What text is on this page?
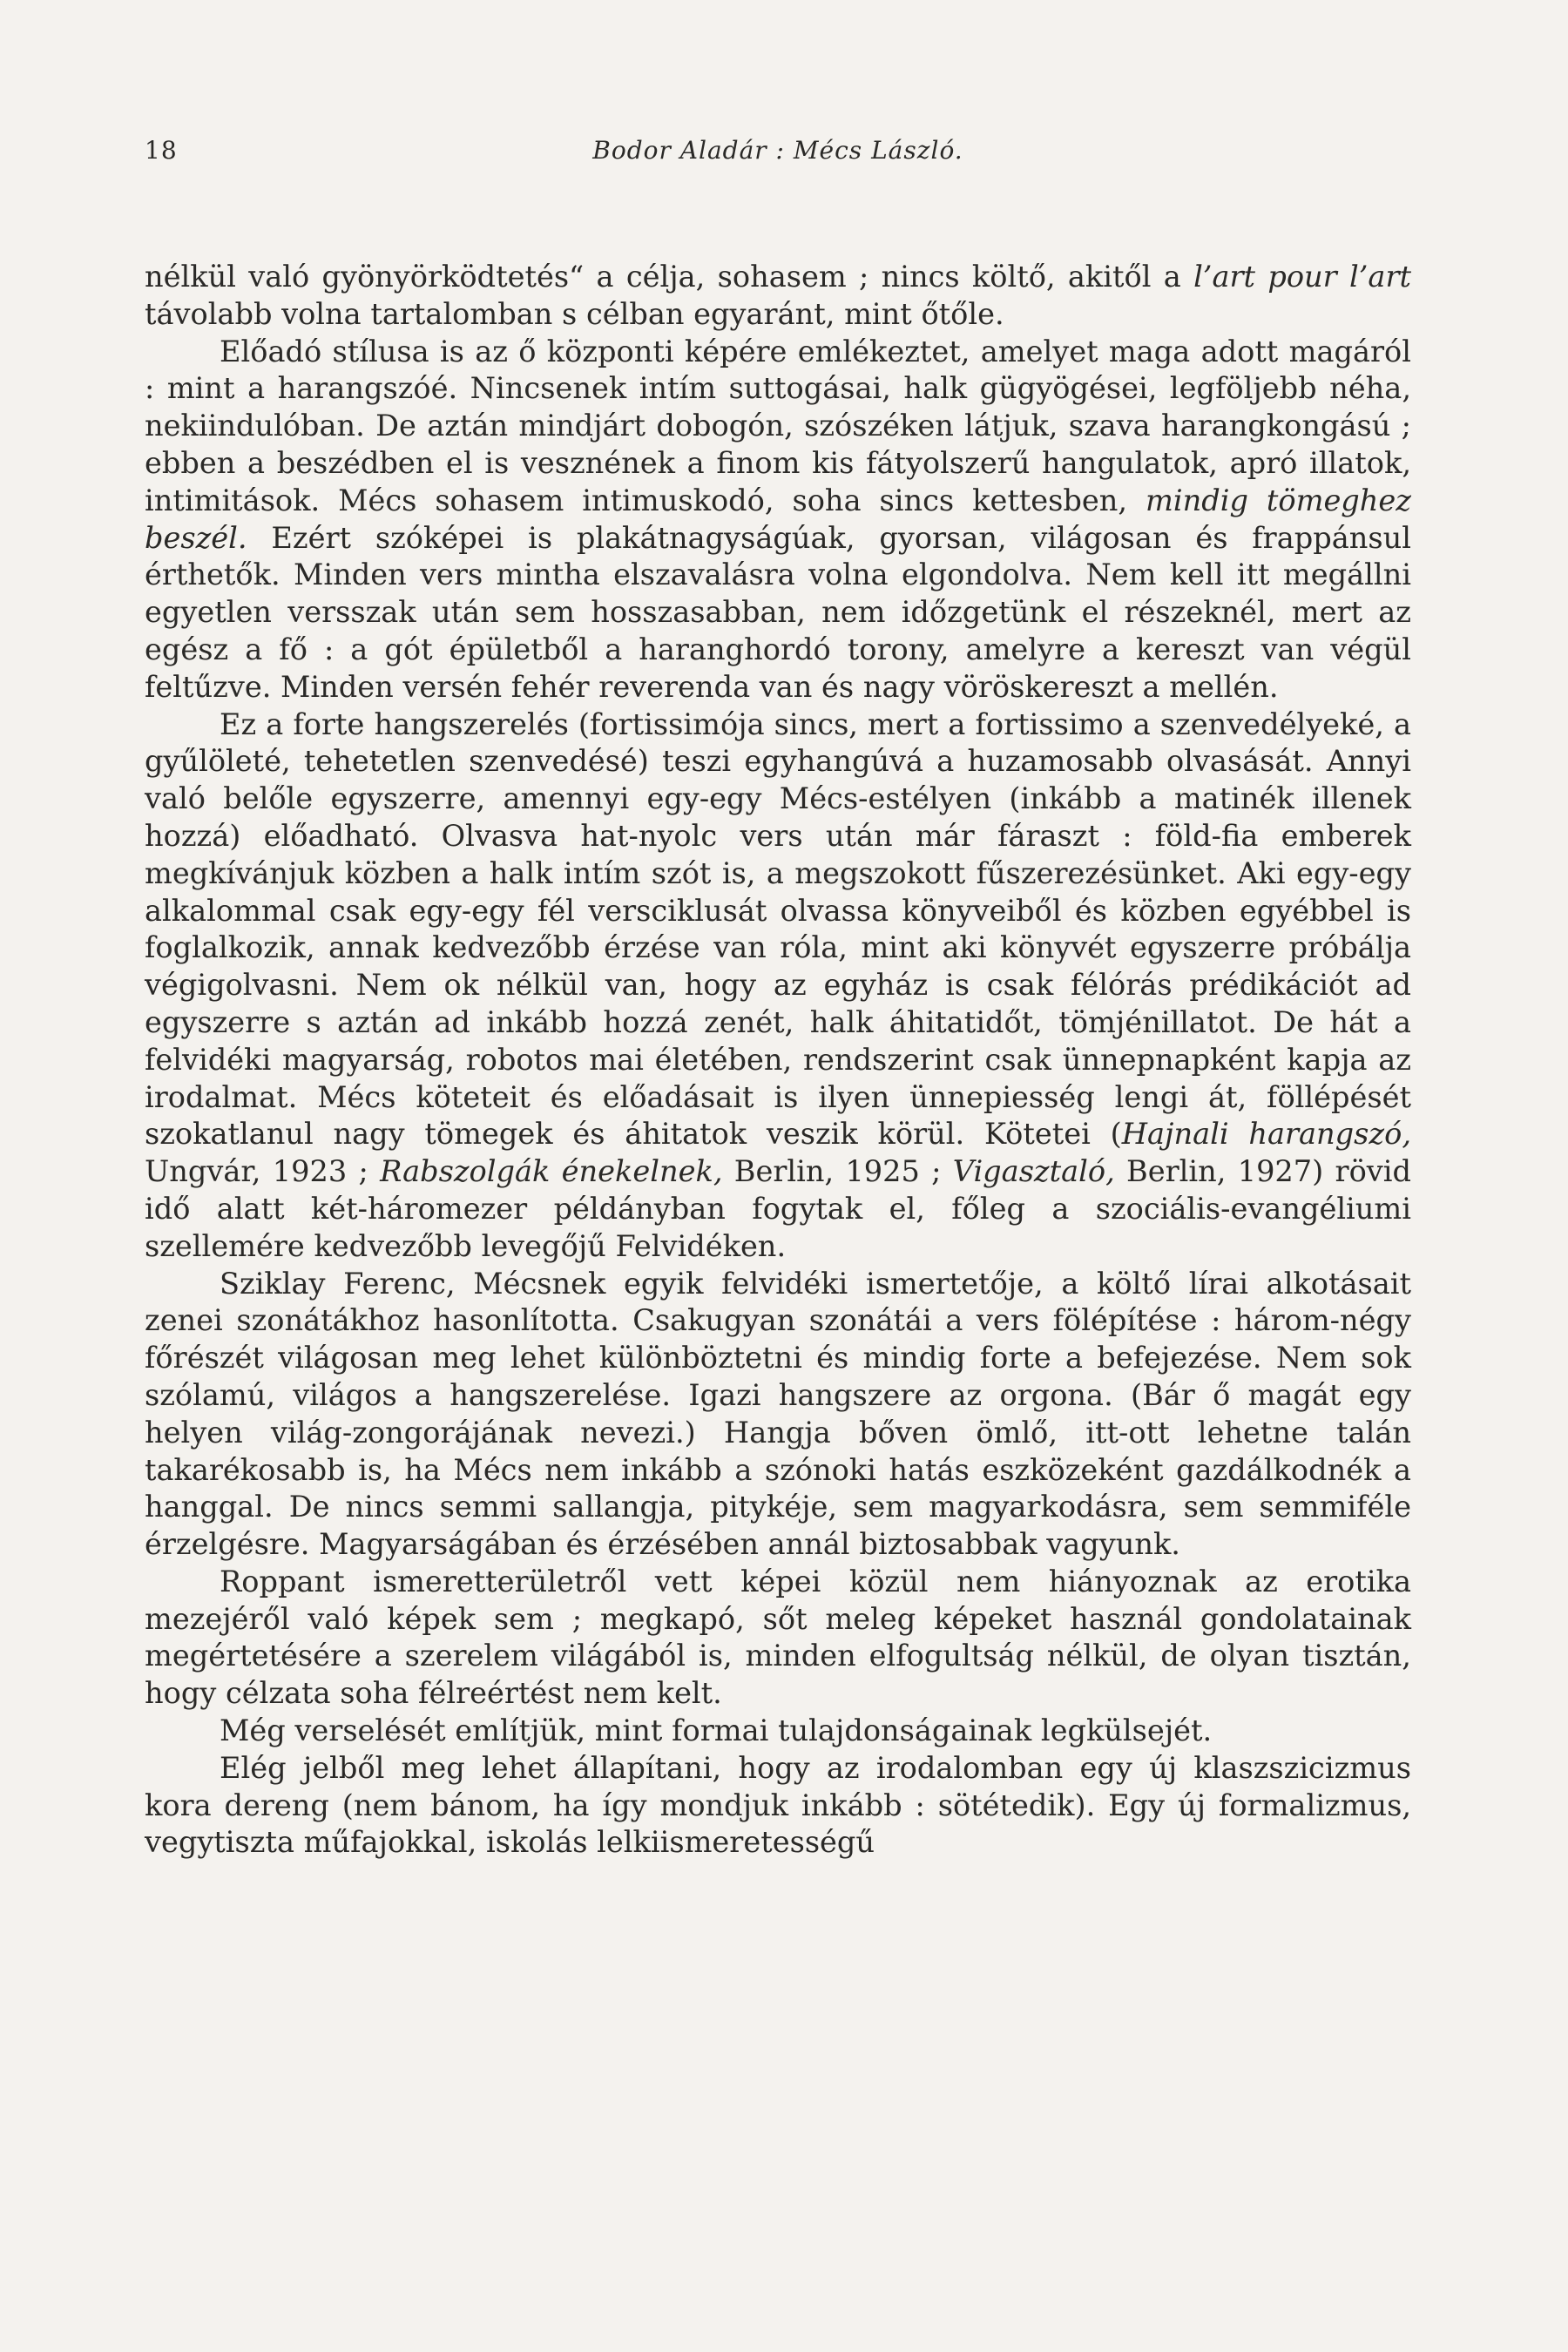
18	Bodor Aladár : Mécs László.

nélkül való gyönyörködtetés“ a célja, sohasem ; nincs költő, akitől a l’art pour l’art távolabb volna tartalomban s célban egyaránt, mint őtőle.

Előadó stílusa is az ő központi képére emlékeztet, amelyet maga adott magáról : mint a harangszóé. Nincsenek intím suttogásai, halk gügyögései, legföljebb néha, nekiindulóban. De aztán mindjárt dobogón, szószéken látjuk, szava harangkongású ; ebben a beszédben el is vesznének a finom kis fátyolszerű hangulatok, apró illatok, intimitások. Mécs sohasem intimuskodó, soha sincs kettesben, mindig tömeghez beszél. Ezért szóképei is plakátnagyságúak, gyorsan, világosan és frappánsul érthetők. Minden vers mintha elszavalásra volna elgondolva. Nem kell itt megállni egyetlen versszak után sem hosszasabban, nem időzgetünk el részeknél, mert az egész a fő : a gót épületből a haranghordó torony, amelyre a kereszt van végül feltűzve. Minden versén fehér reverenda van és nagy vöröskereszt a mellén.

Ez a forte hangszerelés (fortissimója sincs, mert a fortissimo a szenvedélyeké, a gyűlöleté, tehetetlen szenvedésé) teszi egyhangúvá a huzamosabb olvasását. Annyi való belőle egyszerre, amennyi egy-egy Mécs-estélyen (inkább a matinék illenek hozzá) előadható. Olvasva hat-nyolc vers után már fáraszt : föld-fia emberek megkívánjuk közben a halk intím szót is, a megszokott fűszerezésünket. Aki egy-egy alkalommal csak egy-egy fél versciklusát olvassa könyveiből és közben egyébbel is foglalkozik, annak kedvezőbb érzése van róla, mint aki könyvét egyszerre próbálja végigolvasni. Nem ok nélkül van, hogy az egyház is csak félórás prédikációt ad egyszerre s aztán ad inkább hozzá zenét, halk áhitatidőt, tömjénillatot. De hát a felvidéki magyarság, robotos mai életében, rendszerint csak ünnepnapként kapja az irodalmat. Mécs köteteit és előadásait is ilyen ünnepiesség lengi át, föllépését szokatlanul nagy tömegek és áhitatok veszik körül. Kötetei (Hajnali harangszó, Ungvár, 1923 ; Rabszolgák énekelnek, Berlin, 1925 ; Vigasztaló, Berlin, 1927) rövid idő alatt két-háromezer példányban fogytak el, főleg a szociális-evangéliumi szellemére kedvezőbb levegőjű Felvidéken.

Sziklay Ferenc, Mécsnek egyik felvidéki ismertetője, a költő lírai alkotásait zenei szonátákhoz hasonlította. Csakugyan szonátái a vers fölépítése : három-négy főrészét világosan meg lehet különböztetni és mindig forte a befejezése. Nem sok szólamú, világos a hangszerelése. Igazi hangszere az orgona. (Bár ő magát egy helyen világ-zongorájának nevezi.) Hangja bőven ömlő, itt-ott lehetne talán takarékosabb is, ha Mécs nem inkább a szónoki hatás eszközeként gazdálkodnék a hanggal. De nincs semmi sallangja, pitykéje, sem magyarkodásra, sem semmiféle érzelgésre. Magyarságában és érzésében annál biztosabbak vagyunk.

Roppant ismeretterületről vett képei közül nem hiányoznak az erotika mezejéről való képek sem ; megkapó, sőt meleg képeket használ gondolatainak megértetésére a szerelem világából is, minden elfogultság nélkül, de olyan tisztán, hogy célzata soha félreértést nem kelt.

Még verselését említjük, mint formai tulajdonságainak legkülsejét.

Elég jelből meg lehet állapítani, hogy az irodalomban egy új klaszszicizmus kora dereng (nem bánom, ha így mondjuk inkább : sötétedik). Egy új formalizmus, vegytiszta műfajokkal, iskolás lelkiismeretességű
